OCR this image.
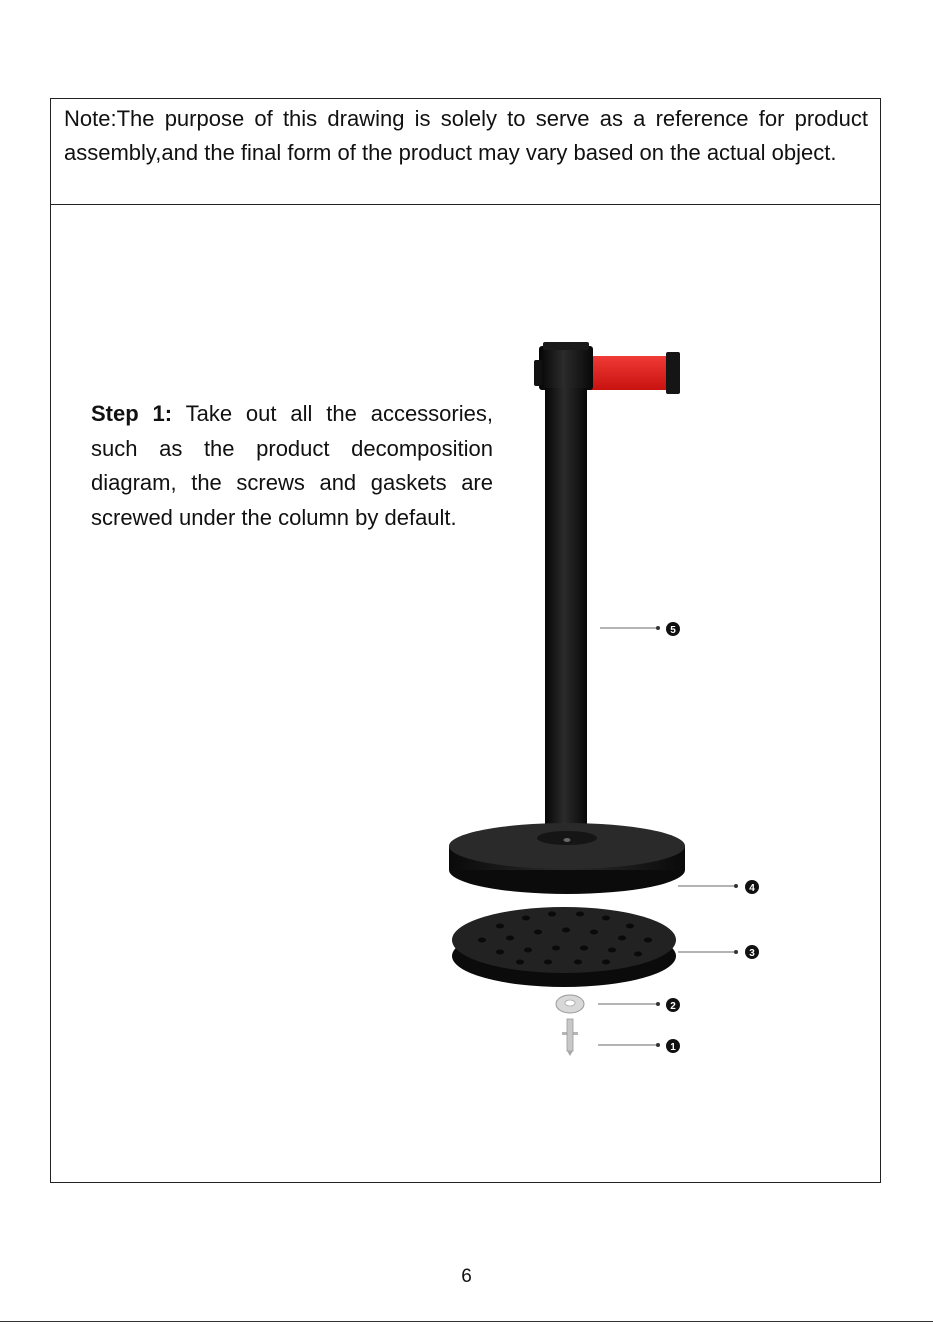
Note:The purpose of this drawing is solely to serve as a reference for product assembly,and the final form of the product may vary based on the actual object.
Step 1: Take out all the accessories, such as the product decomposition diagram, the screws and gaskets are screwed under the column by default.
5
4
3
2
1
6
